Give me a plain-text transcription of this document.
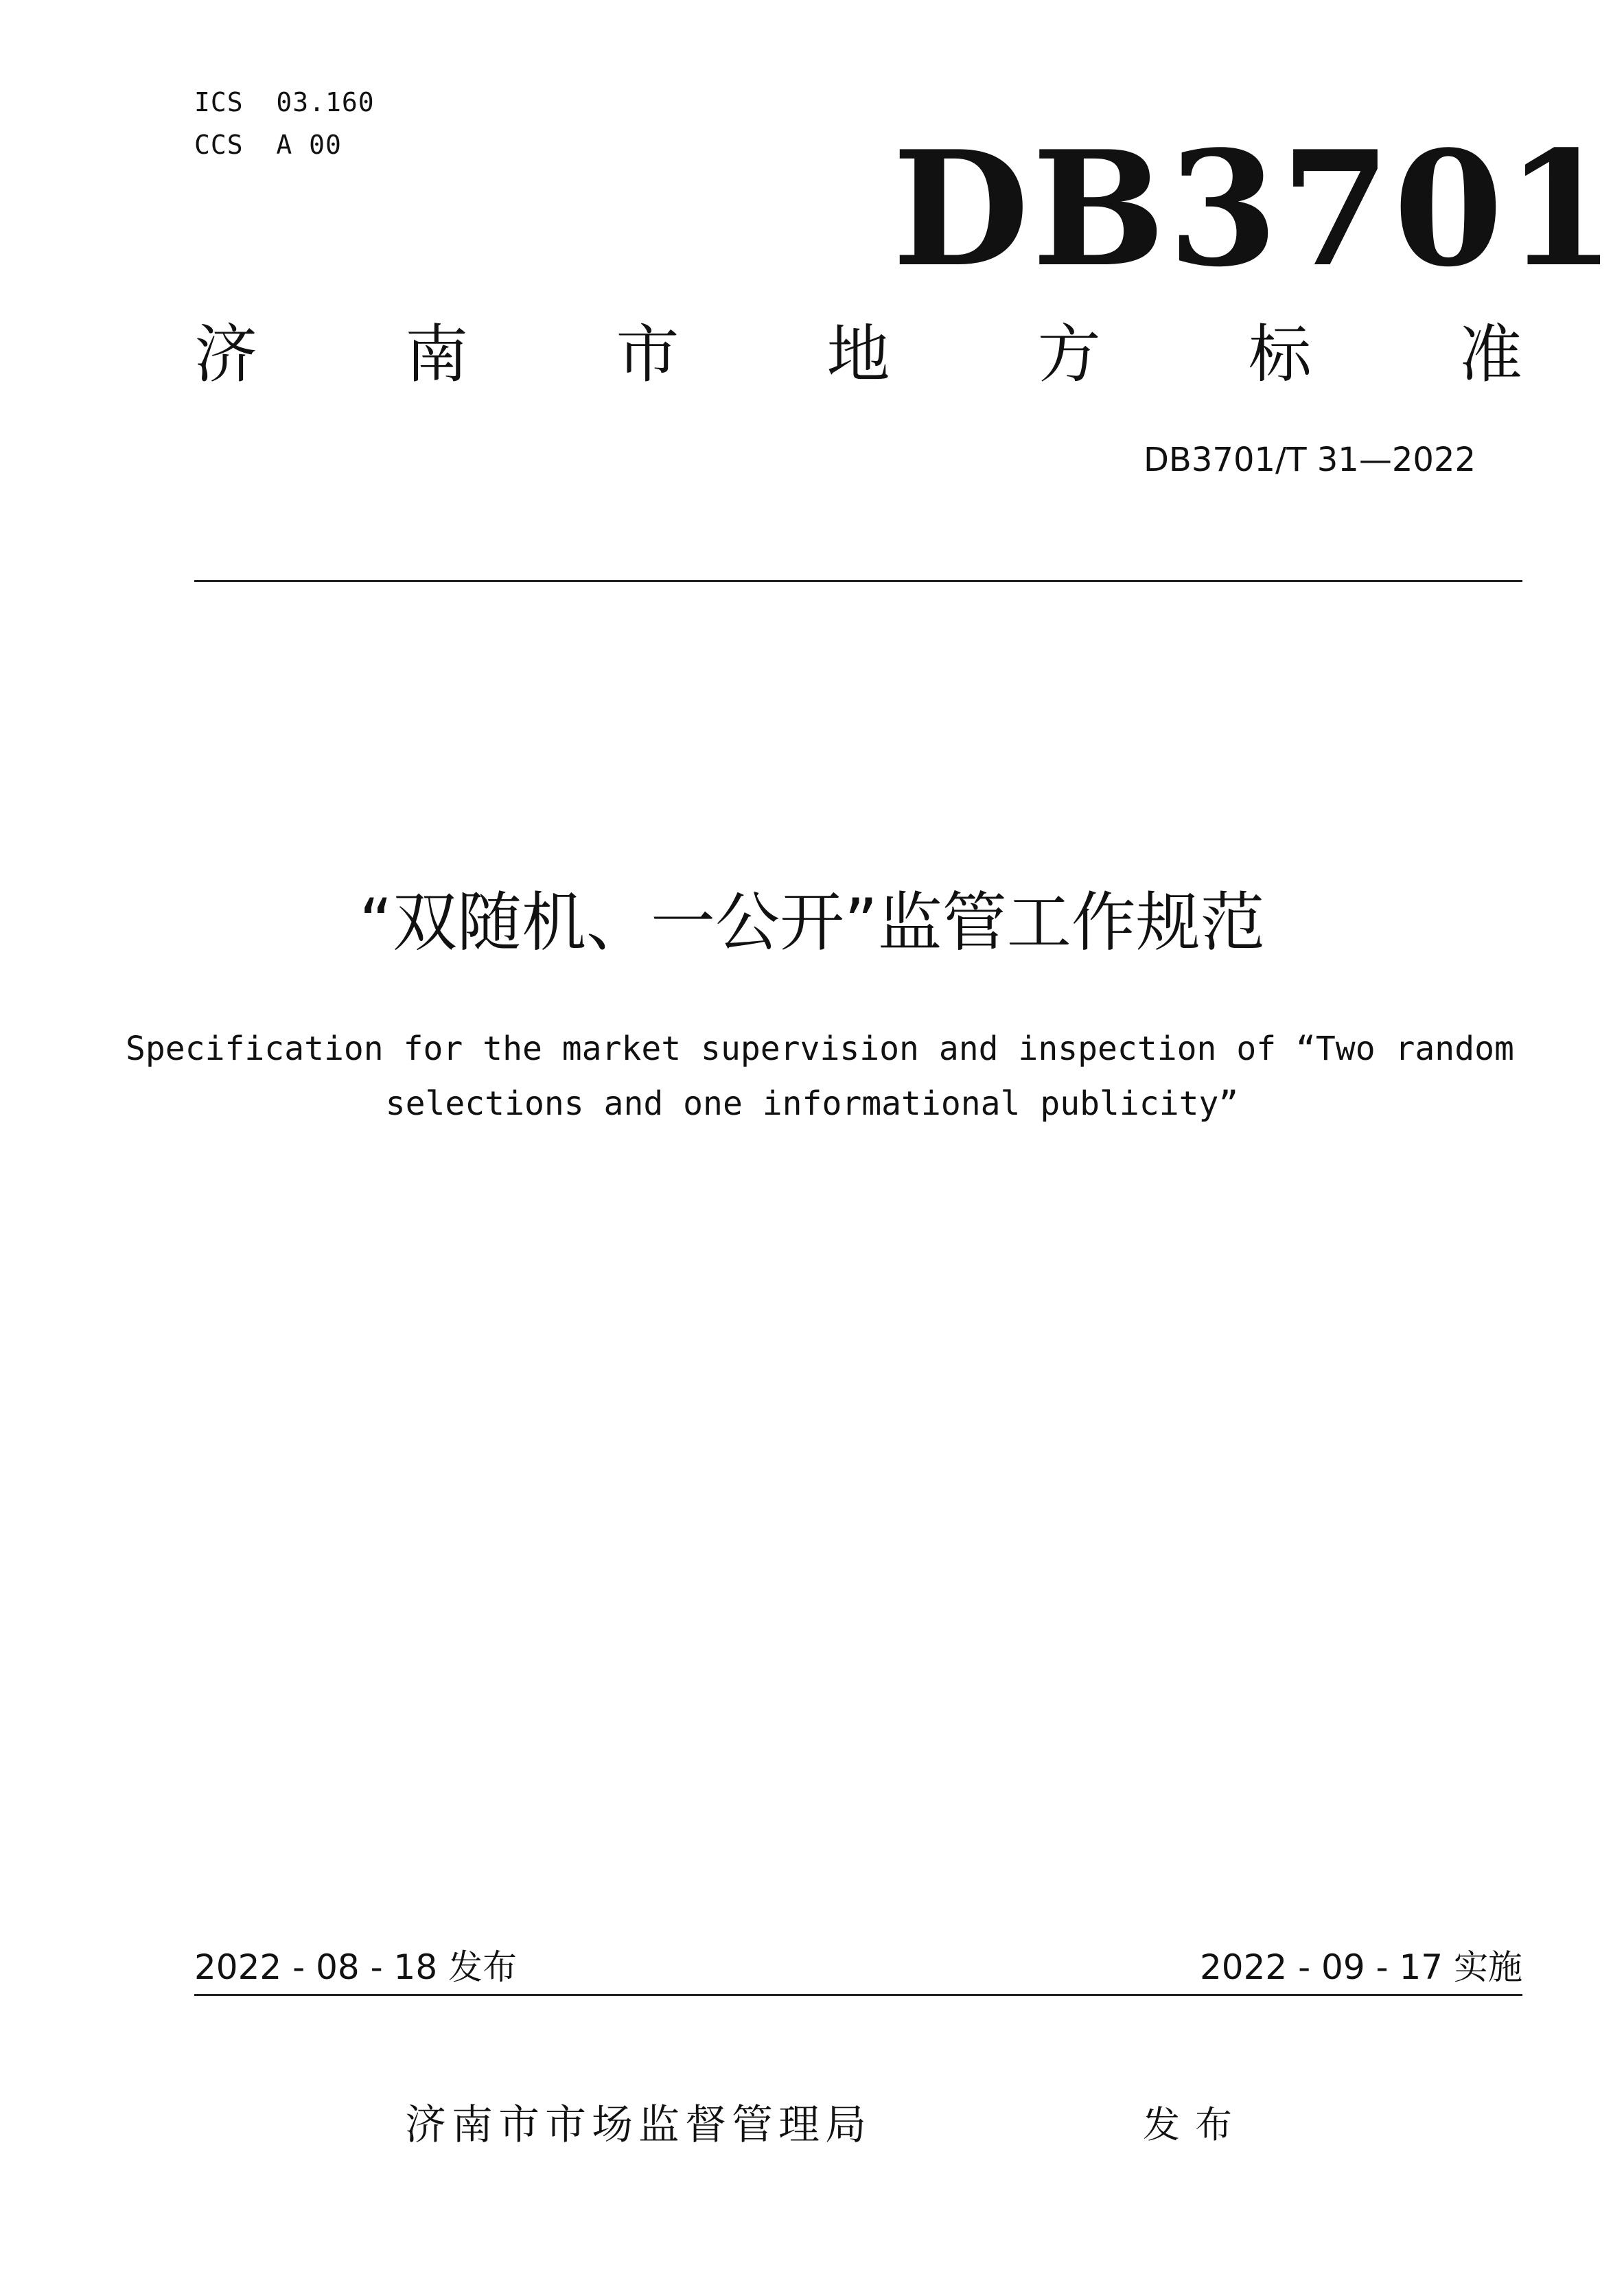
ICS  03.160
CCS  A 00	DB3701
济 南 市 地 方 标 准
DB3701/T 31—2022
“双随机、一公开”监管工作规范
Specification for the market supervision and inspection of “Two random
selections and one informational publicity”
2022 - 08 - 18 发布	2022 - 09 - 17 实施
济南市市场监督管理局	发布
